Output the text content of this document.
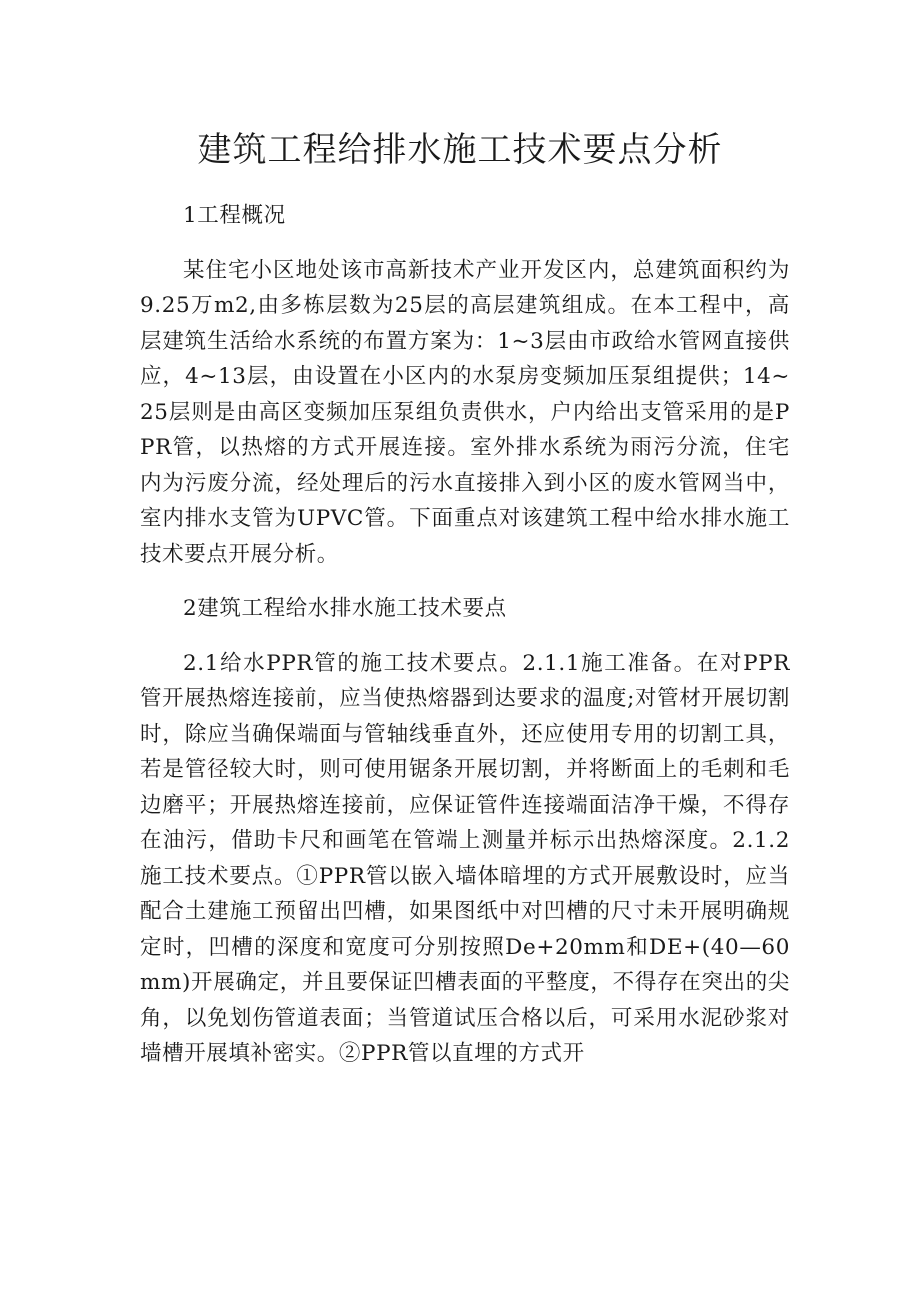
建筑工程给排水施工技术要点分析

1工程概况

某住宅小区地处该市高新技术产业开发区内，总建筑面积约为9.25万m2,由多栋层数为25层的高层建筑组成。在本工程中，高层建筑生活给水系统的布置方案为：1~3层由市政给水管网直接供应，4~13层，由设置在小区内的水泵房变频加压泵组提供；14~25层则是由高区变频加压泵组负责供水，户内给出支管采用的是PPR管，以热熔的方式开展连接。室外排水系统为雨污分流，住宅内为污废分流，经处理后的污水直接排入到小区的废水管网当中，室内排水支管为UPVC管。下面重点对该建筑工程中给水排水施工技术要点开展分析。

2建筑工程给水排水施工技术要点

2.1给水PPR管的施工技术要点。2.1.1施工准备。在对PPR管开展热熔连接前，应当使热熔器到达要求的温度;对管材开展切割时，除应当确保端面与管轴线垂直外，还应使用专用的切割工具，若是管径较大时，则可使用锯条开展切割，并将断面上的毛刺和毛边磨平；开展热熔连接前，应保证管件连接端面洁净干燥，不得存在油污，借助卡尺和画笔在管端上测量并标示出热熔深度。2.1.2施工技术要点。①PPR管以嵌入墙体暗埋的方式开展敷设时，应当配合土建施工预留出凹槽，如果图纸中对凹槽的尺寸未开展明确规定时，凹槽的深度和宽度可分别按照De+20mm和DE+(40—60mm)开展确定，并且要保证凹槽表面的平整度，不得存在突出的尖角，以免划伤管道表面；当管道试压合格以后，可采用水泥砂浆对墙槽开展填补密实。②PPR管以直埋的方式开
